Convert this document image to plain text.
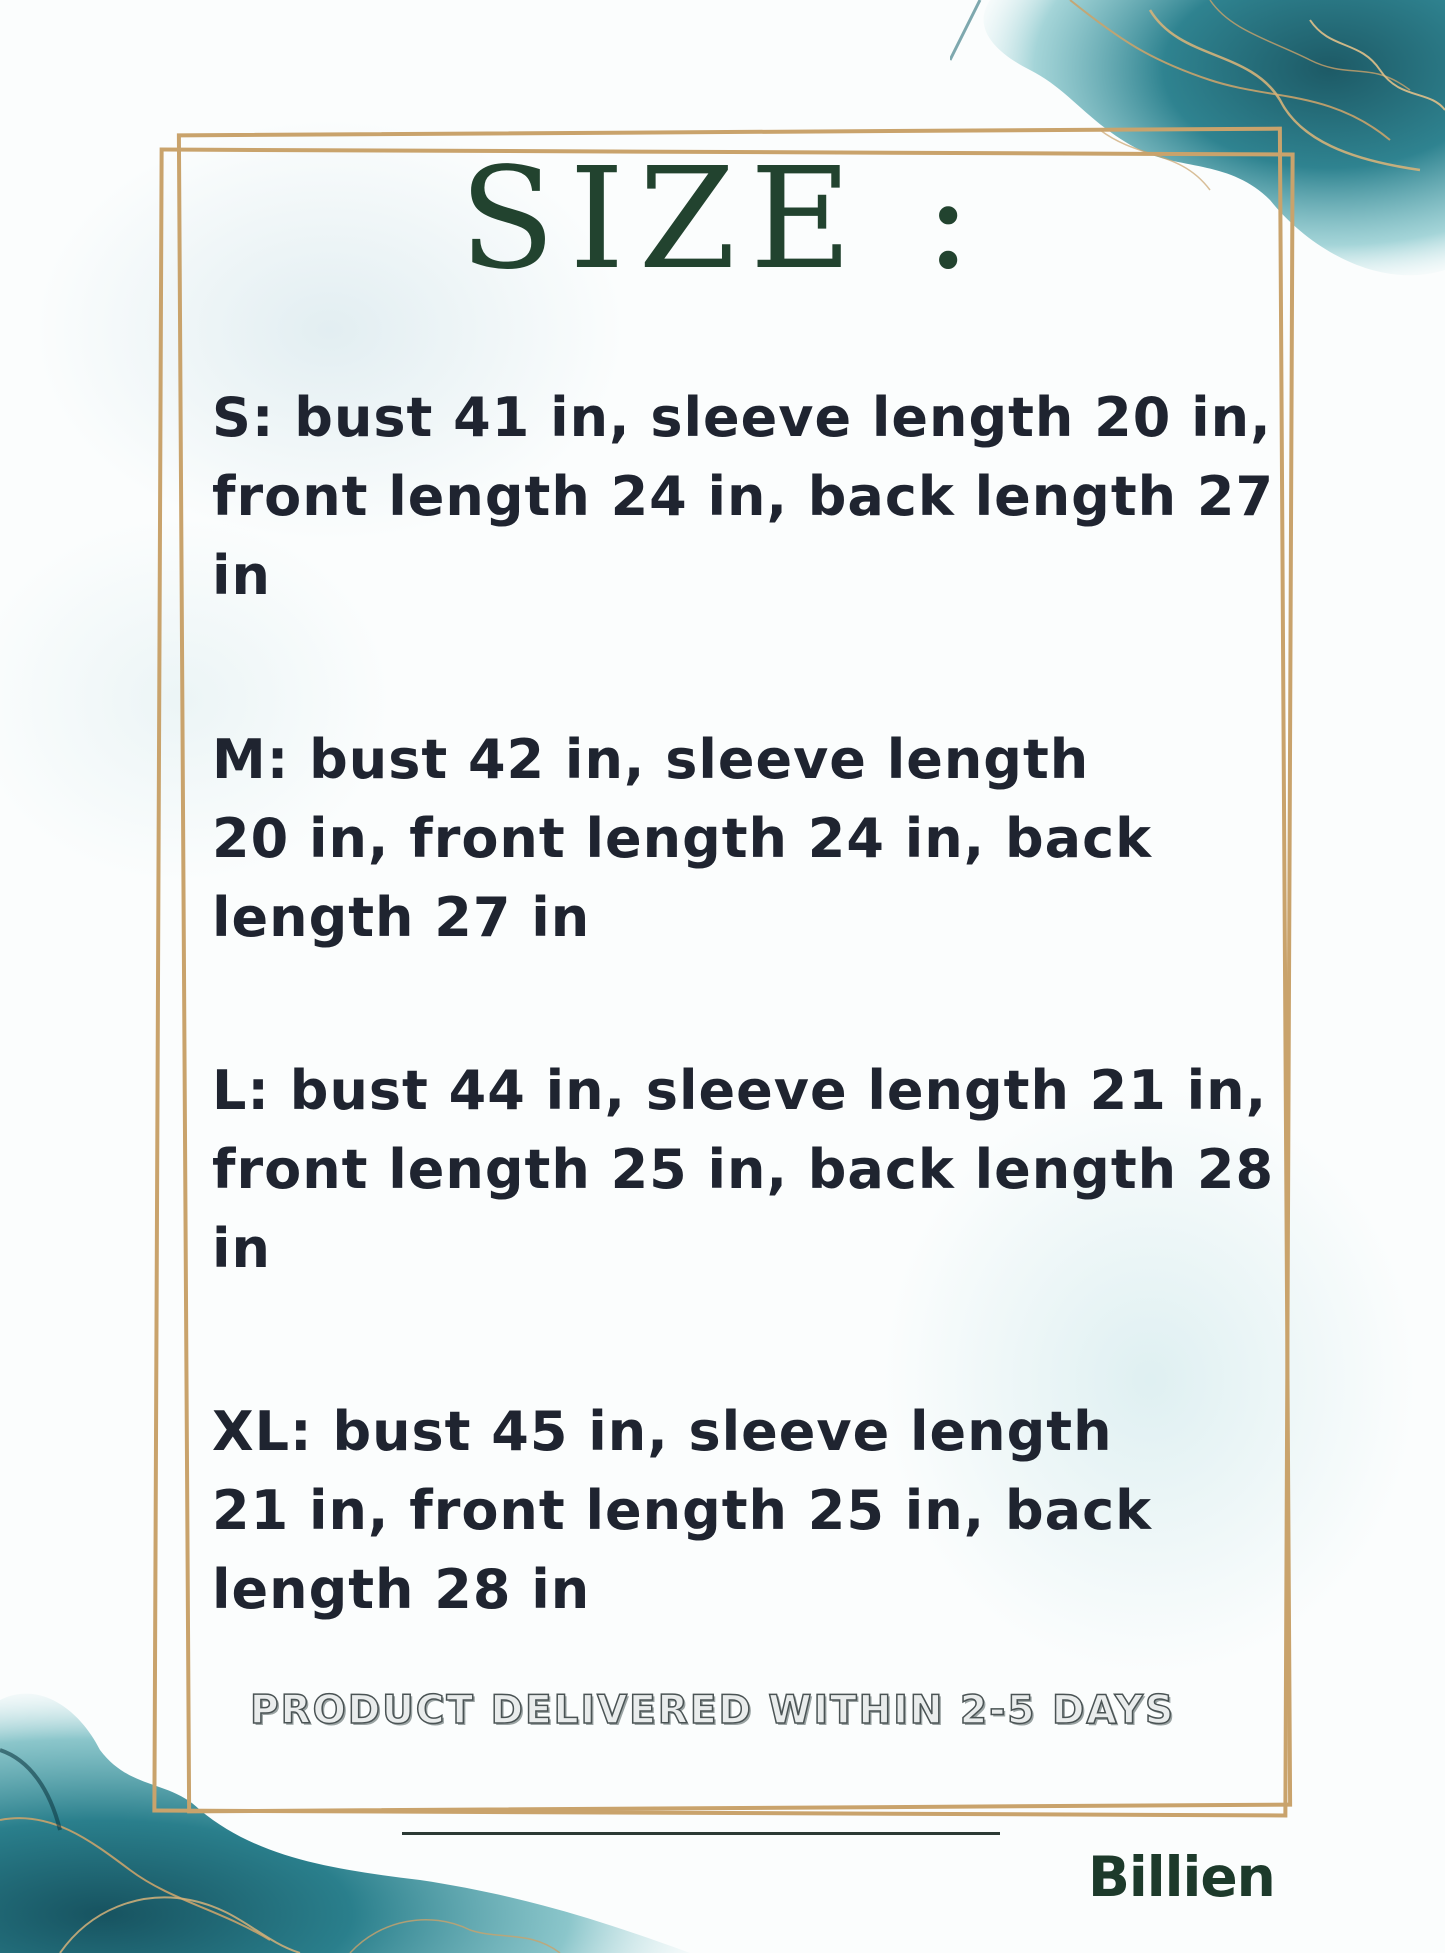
SIZE :
S: bust 41 in, sleeve length 20 in,
front length 24 in, back length 27
in
M: bust 42 in, sleeve length
20 in, front length 24 in, back
length 27 in
L: bust 44 in, sleeve length 21 in,
front length 25 in, back length 28
in
XL: bust 45 in, sleeve length
21 in, front length 25 in, back
length 28 in
PRODUCT DELIVERED WITHIN 2-5 DAYS
Billien
